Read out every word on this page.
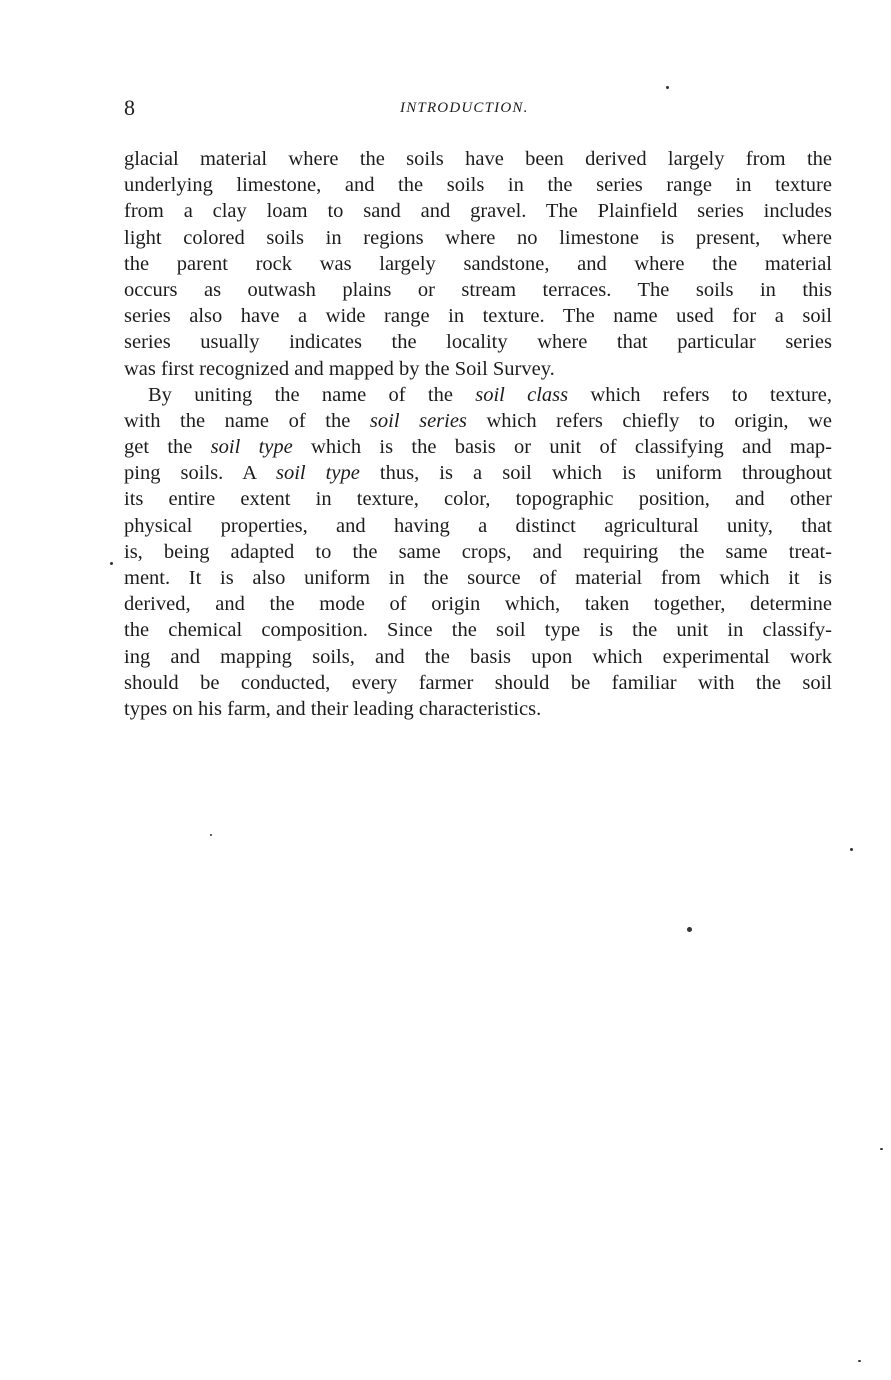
8	INTRODUCTION.
glacial material where the soils have been derived largely from the
underlying limestone, and the soils in the series range in texture
from a clay loam to sand and gravel. The Plainfield series includes
light colored soils in regions where no limestone is present, where
the parent rock was largely sandstone, and where the material
occurs as outwash plains or stream terraces. The soils in this
series also have a wide range in texture. The name used for a soil
series usually indicates the locality where that particular series
was first recognized and mapped by the Soil Survey.
By uniting the name of the soil class which refers to texture,
with the name of the soil series which refers chiefly to origin, we
get the soil type which is the basis or unit of classifying and map-
ping soils. A soil type thus, is a soil which is uniform throughout
its entire extent in texture, color, topographic position, and other
physical properties, and having a distinct agricultural unity, that
is, being adapted to the same crops, and requiring the same treat-
ment. It is also uniform in the source of material from which it is
derived, and the mode of origin which, taken together, determine
the chemical composition. Since the soil type is the unit in classify-
ing and mapping soils, and the basis upon which experimental work
should be conducted, every farmer should be familiar with the soil
types on his farm, and their leading characteristics.
